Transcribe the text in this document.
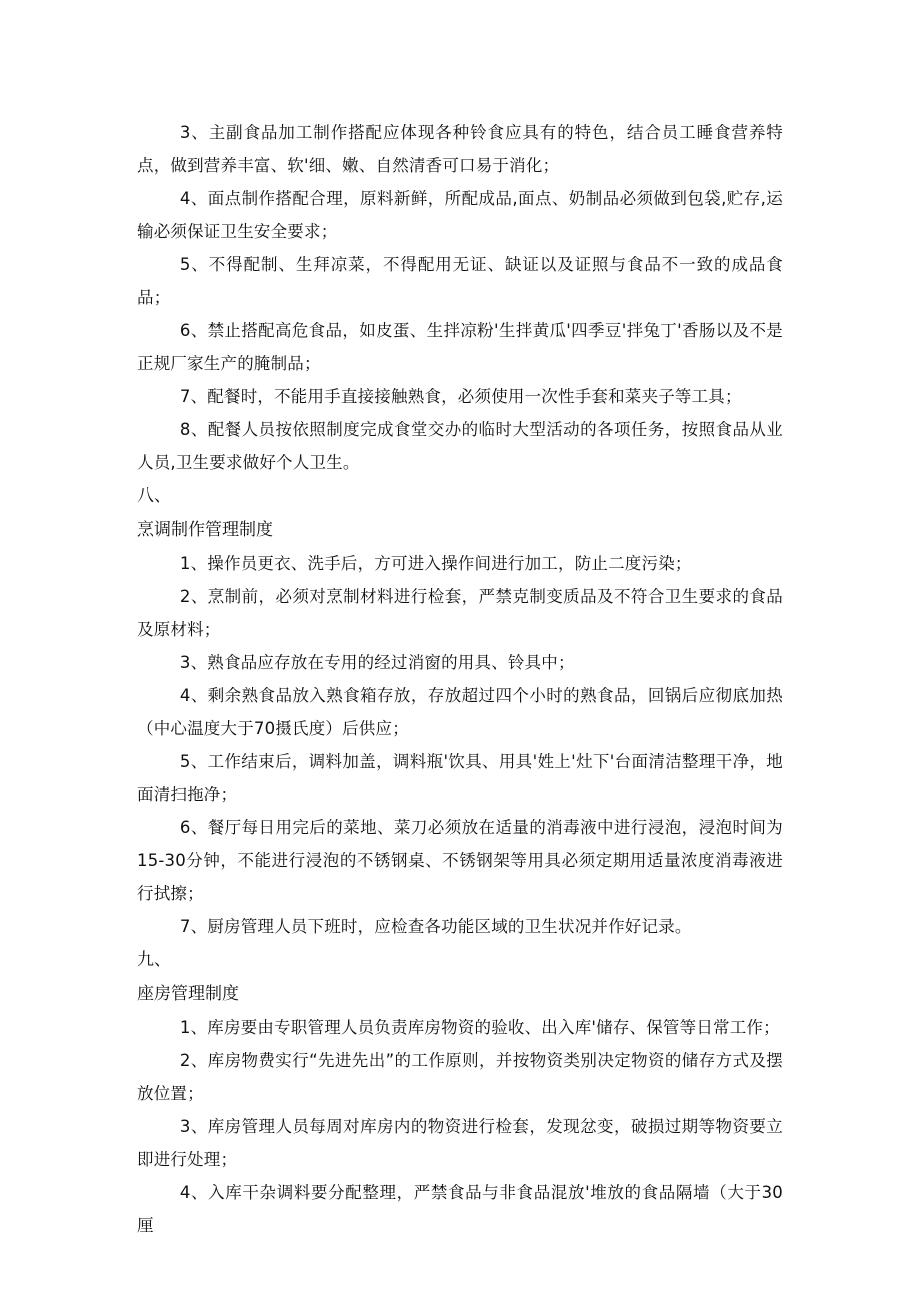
3、主副食品加工制作搭配应体现各种铃食应具有的特色，结合员工睡食营养特点，做到营养丰富、软'细、嫩、自然清香可口易于消化；

4、面点制作搭配合理，原料新鲜，所配成品,面点、奶制品必须做到包袋,贮存,运输必须保证卫生安全要求；

5、不得配制、生拜凉菜，不得配用无证、缺证以及证照与食品不一致的成品食品；

6、禁止搭配高危食品，如皮蛋、生拌凉粉'生拌黄瓜'四季豆'拌兔丁'香肠以及不是正规厂家生产的腌制品；

7、配餐时，不能用手直接接触熟食，必须使用一次性手套和菜夹子等工具；

8、配餐人员按依照制度完成食堂交办的临时大型活动的各项任务，按照食品从业人员,卫生要求做好个人卫生。

八、

烹调制作管理制度

1、操作员更衣、洗手后，方可进入操作间进行加工，防止二度污染；

2、烹制前，必须对烹制材料进行检套，严禁克制变质品及不符合卫生要求的食品及原材料；

3、熟食品应存放在专用的经过消窗的用具、铃具中；

4、剩余熟食品放入熟食箱存放，存放超过四个小时的熟食品，回锅后应彻底加热（中心温度大于70摄氏度）后供应；

5、工作结束后，调料加盖，调料瓶'饮具、用具'姓上'灶下'台面清洁整理干净，地面清扫拖净；

6、餐厅每日用完后的菜地、菜刀必须放在适量的消毒液中进行浸泡，浸泡时间为15-30分钟，不能进行浸泡的不锈钢桌、不锈钢架等用具必须定期用适量浓度消毒液进行拭擦；

7、厨房管理人员下班时，应检查各功能区域的卫生状况并作好记录。

九、

座房管理制度

1、库房要由专职管理人员负责库房物资的验收、出入库'储存、保管等日常工作；

2、库房物费实行“先进先出”的工作原则，并按物资类别决定物资的储存方式及摆放位置；

3、库房管理人员每周对库房内的物资进行检套，发现忿变，破损过期等物资要立即进行处理；

4、入库干杂调料要分配整理，严禁食品与非食品混放'堆放的食品隔墙（大于30厘
